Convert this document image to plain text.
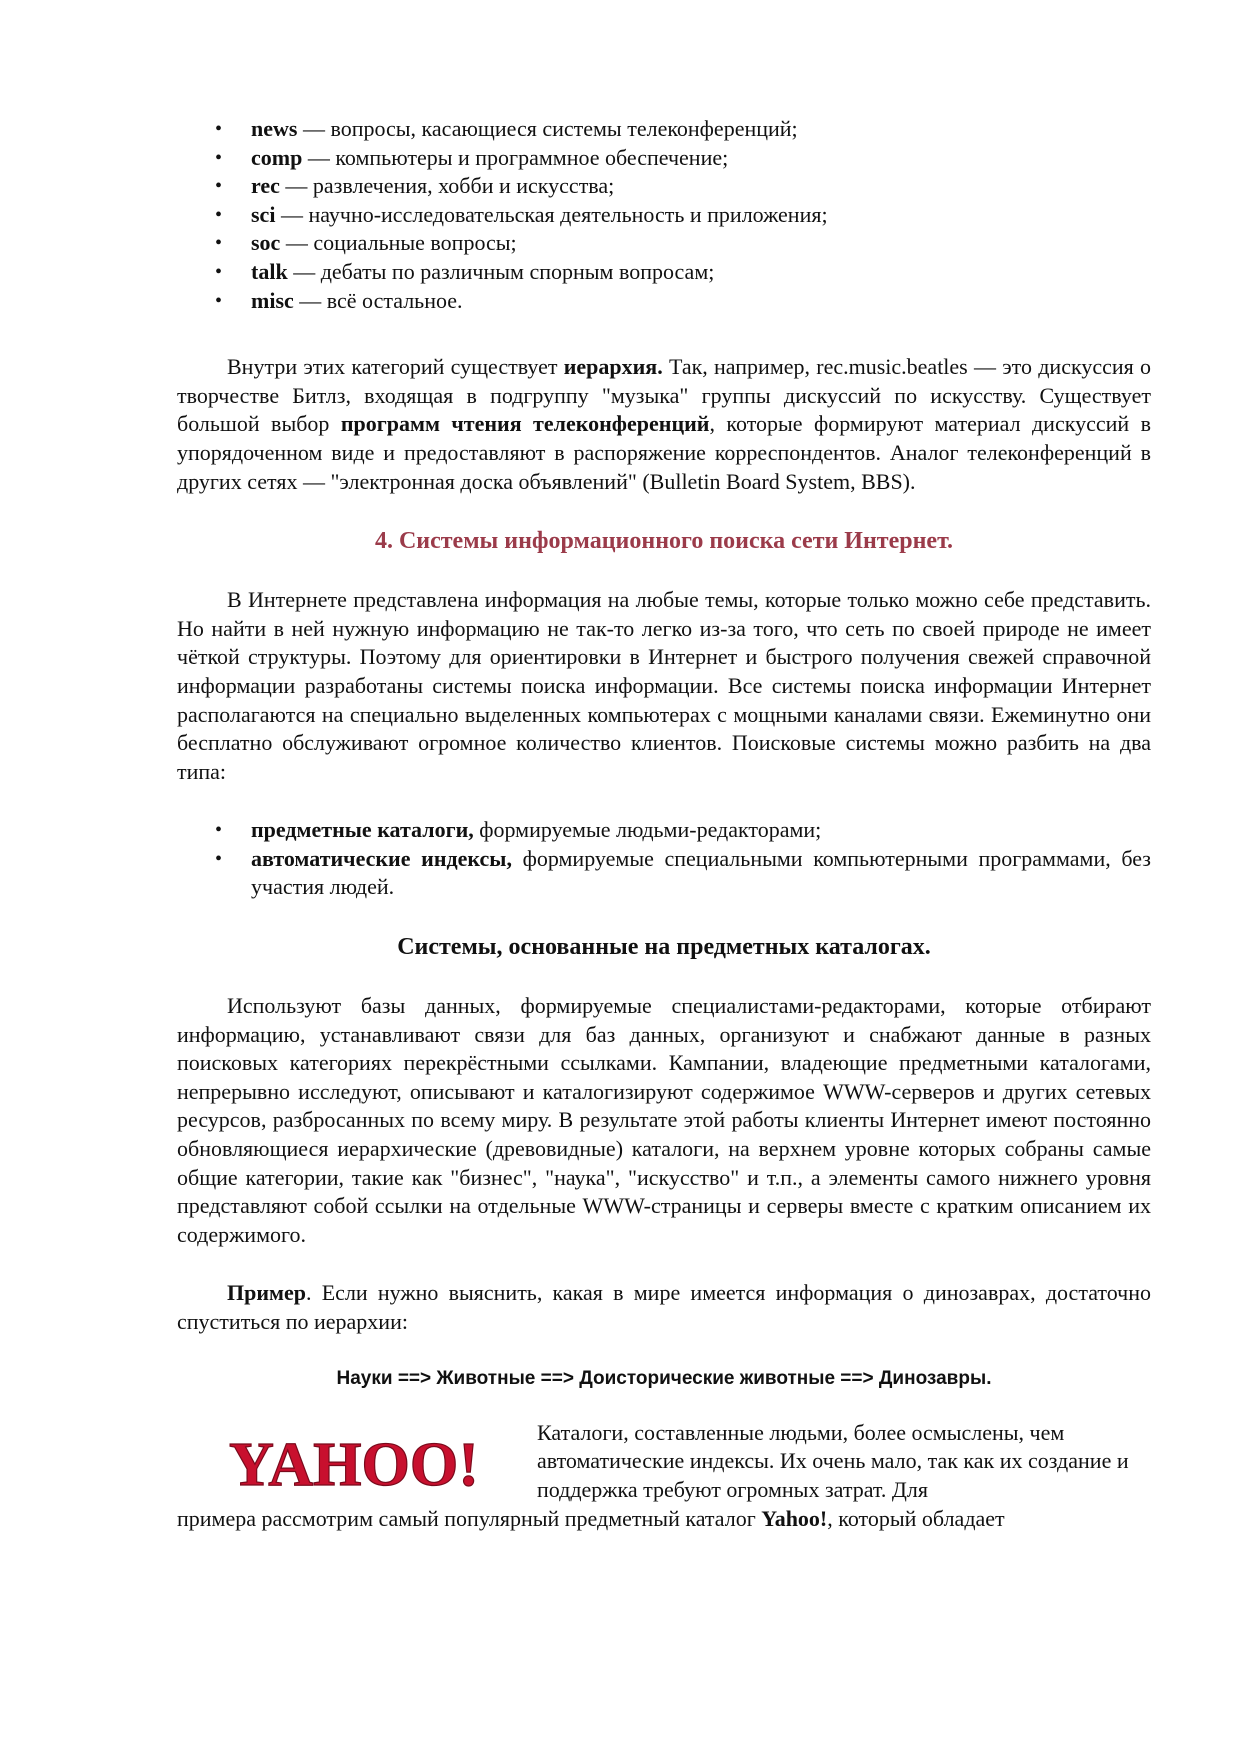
• news — вопросы, касающиеся системы телеконференций;
• comp — компьютеры и программное обеспечение;
• rec — развлечения, хобби и искусства;
• sci — научно-исследовательская деятельность и приложения;
• soc — социальные вопросы;
• talk — дебаты по различным спорным вопросам;
• misc — всё остальное.

Внутри этих категорий существует иерархия. Так, например, rec.music.beatles — это дискуссия о творчестве Битлз, входящая в подгруппу "музыка" группы дискуссий по искусству. Существует большой выбор программ чтения телеконференций, которые формируют материал дискуссий в упорядоченном виде и предоставляют в распоряжение корреспондентов. Аналог телеконференций в других сетях — "электронная доска объявлений" (Bulletin Board System, BBS).

4. Системы информационного поиска сети Интернет.

В Интернете представлена информация на любые темы, которые только можно себе представить. Но найти в ней нужную информацию не так-то легко из-за того, что сеть по своей природе не имеет чёткой структуры. Поэтому для ориентировки в Интернет и быстрого получения свежей справочной информации разработаны системы поиска информации. Все системы поиска информации Интернет располагаются на специально выделенных компьютерах с мощными каналами связи. Ежеминутно они бесплатно обслуживают огромное количество клиентов. Поисковые системы можно разбить на два типа:

• предметные каталоги, формируемые людьми-редакторами;
• автоматические индексы, формируемые специальными компьютерными программами, без участия людей.
Системы, основанные на предметных каталогах.

Используют базы данных, формируемые специалистами-редакторами, которые отбирают информацию, устанавливают связи для баз данных, организуют и снабжают данные в разных поисковых категориях перекрёстными ссылками. Кампании, владеющие предметными каталогами, непрерывно исследуют, описывают и каталогизируют содержимое WWW-серверов и других сетевых ресурсов, разбросанных по всему миру. В результате этой работы клиенты Интернет имеют постоянно обновляющиеся иерархические (древовидные) каталоги, на верхнем уровне которых собраны самые общие категории, такие как "бизнес", "наука", "искусство" и т.п., а элементы самого нижнего уровня представляют собой ссылки на отдельные WWW-страницы и серверы вместе с кратким описанием их содержимого.

Пример. Если нужно выяснить, какая в мире имеется информация о динозаврах, достаточно спуститься по иерархии:

Науки ==> Животные ==> Доисторические животные ==> Динозавры.

YAHOO!	Каталоги, составленные людьми, более осмыслены, чем автоматические индексы. Их очень мало, так как их создание и поддержка требуют огромных затрат. Для

примера рассмотрим самый популярный предметный каталог Yahoo!, который обладает
